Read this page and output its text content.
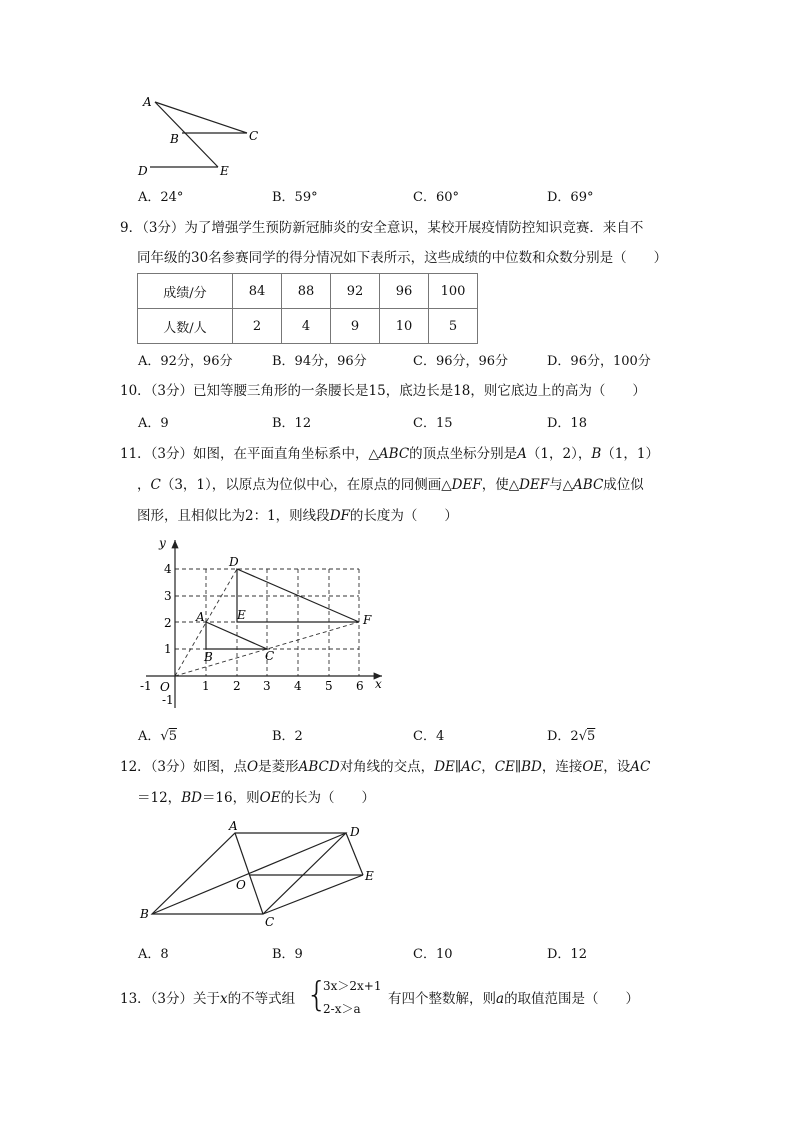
A
B	C
D	E
A．24°	B．59°	C．60°	D．69°
9．（3分）为了增强学生预防新冠肺炎的安全意识，某校开展疫情防控知识竞赛．来自不
同年级的30名参赛同学的得分情况如下表所示，这些成绩的中位数和众数分别是（　　）
成绩/分	84	88	92	96	100
人数/人	2	4	9	10	5
A．92分，96分	B．94分，96分	C．96分，96分	D．96分，100分
10．（3分）已知等腰三角形的一条腰长是15，底边长是18，则它底边上的高为（　　）
A．9	B．12	C．15	D．18
11．（3分）如图，在平面直角坐标系中，△ABC的顶点坐标分别是A（1，2），B（1，1）
，C（3，1），以原点为位似中心，在原点的同侧画△DEF，使△DEF与△ABC成位似
图形，且相似比为2：1，则线段DF的长度为（　　）
x
y
O
-1	1 2 3 4 5 6
-1
1
2
3
4
A
B	C
D
E	F
A．√5	B．2	C．4	D．2√5
12．（3分）如图，点O是菱形ABCD对角线的交点，DE∥AC，CE∥BD，连接OE，设AC
＝12，BD＝16，则OE的长为（　　）
A
B
C
D
E
O
A．8	B．9	C．10	D．12
13．（3分）关于x的不等式组 {
3x＞2x+1
2-x＞a
有四个整数解，则a的取值范围是（　　）
